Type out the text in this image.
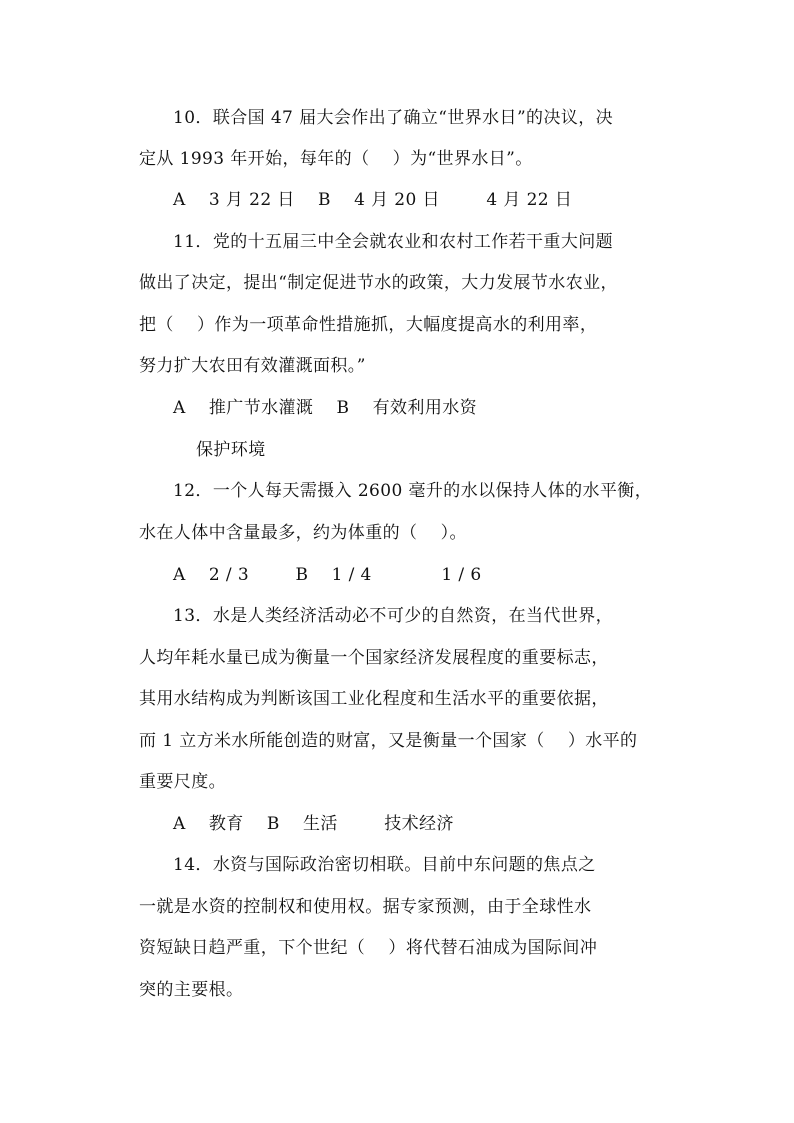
10．联合国 47 届大会作出了确立“世界水日”的决议，决
定从 1993 年开始，每年的（    ）为“世界水日”。
A    3 月 22 日    B    4 月 20 日        4 月 22 日
11．党的十五届三中全会就农业和农村工作若干重大问题
做出了决定，提出“制定促进节水的政策，大力发展节水农业，
把（    ）作为一项革命性措施抓，大幅度提高水的利用率，
努力扩大农田有效灌溉面积。”
A    推广节水灌溉    B    有效利用水资
保护环境
12．一个人每天需摄入 2600 毫升的水以保持人体的水平衡，
水在人体中含量最多，约为体重的（    ）。
A    2 / 3        B    1 / 4            1 / 6
13．水是人类经济活动必不可少的自然资，在当代世界，
人均年耗水量已成为衡量一个国家经济发展程度的重要标志，
其用水结构成为判断该国工业化程度和生活水平的重要依据，
而 1 立方米水所能创造的财富，又是衡量一个国家（    ）水平的
重要尺度。
A    教育    B    生活        技术经济
14．水资与国际政治密切相联。目前中东问题的焦点之
一就是水资的控制权和使用权。据专家预测，由于全球性水
资短缺日趋严重，下个世纪（    ）将代替石油成为国际间冲
突的主要根。
